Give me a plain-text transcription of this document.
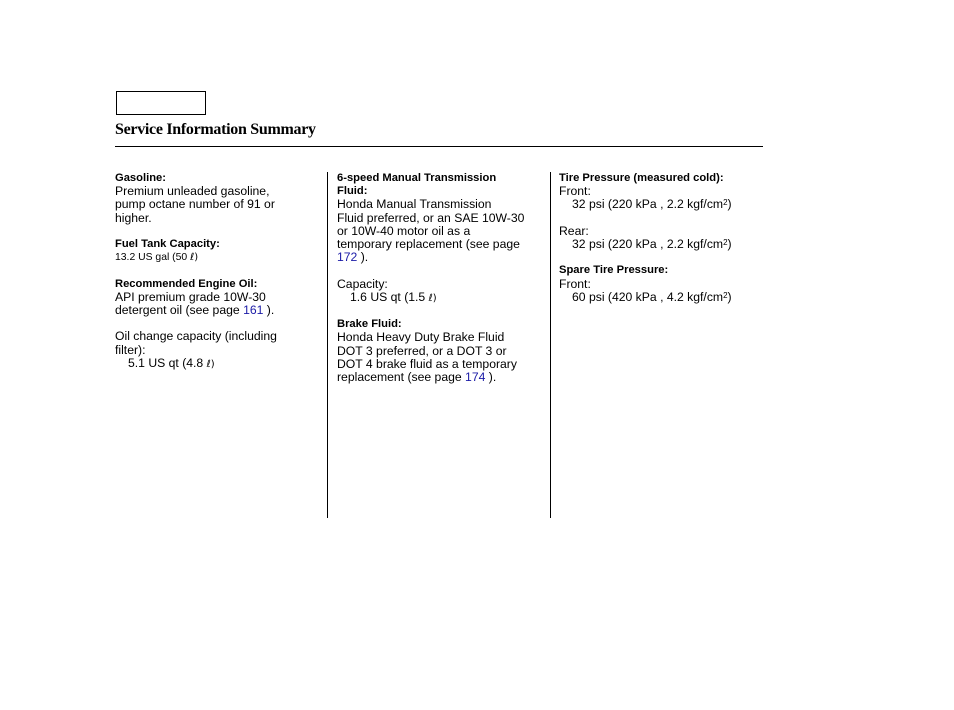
Service Information Summary

Gasoline:

Premium unleaded gasoline,

pump octane number of 91 or

higher.

Fuel Tank Capacity:

13.2 US gal (50 ℓ)

Recommended Engine Oil:

API premium grade 10W-30

detergent oil (see page 161 ).

Oil change capacity (including

filter):

5.1 US qt (4.8 ℓ)

6-speed Manual Transmission

Fluid:

Honda Manual Transmission

Fluid preferred, or an SAE 10W-30

or 10W-40 motor oil as a

temporary replacement (see page

172 ).

Capacity:

1.6 US qt (1.5 ℓ)

Brake Fluid:

Honda Heavy Duty Brake Fluid

DOT 3 preferred, or a DOT 3 or

DOT 4 brake fluid as a temporary

replacement (see page 174 ).

Tire Pressure (measured cold):

Front:

32 psi (220 kPa , 2.2 kgf/$cm^2$)

Rear:

32 psi (220 kPa , 2.2 kgf/$cm^2$)

Spare Tire Pressure:

Front:

60 psi (420 kPa , 4.2 kgf/$cm^2$)
